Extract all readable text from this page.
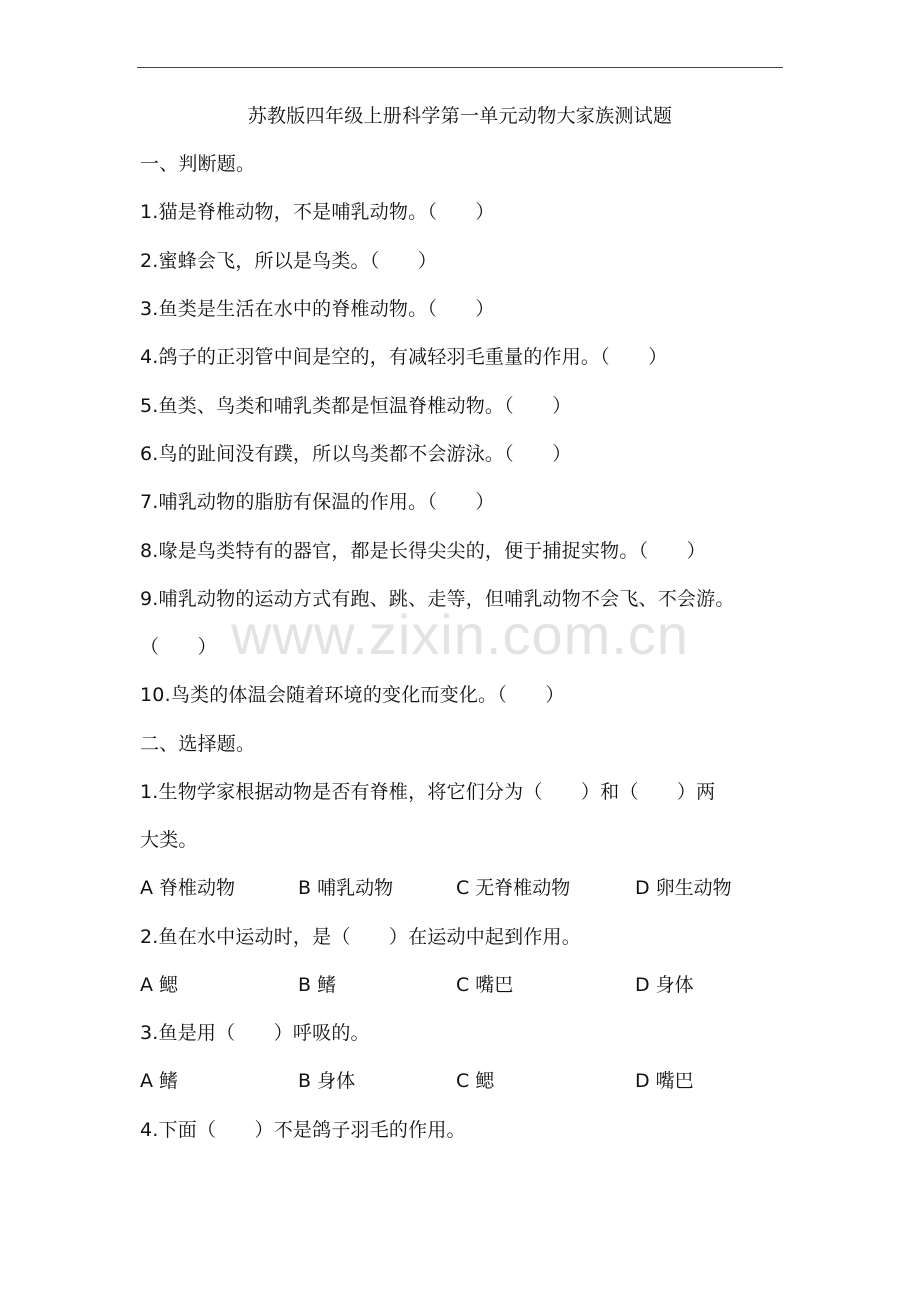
www.zixin.com.cn
苏教版四年级上册科学第一单元动物大家族测试题
一、判断题。
1.猫是脊椎动物，不是哺乳动物。（　　）
2.蜜蜂会飞，所以是鸟类。（　　）
3.鱼类是生活在水中的脊椎动物。（　　）
4.鸽子的正羽管中间是空的，有减轻羽毛重量的作用。（　　）
5.鱼类、鸟类和哺乳类都是恒温脊椎动物。（　　）
6.鸟的趾间没有蹼，所以鸟类都不会游泳。（　　）
7.哺乳动物的脂肪有保温的作用。（　　）
8.喙是鸟类特有的器官，都是长得尖尖的，便于捕捉实物。（　　）
9.哺乳动物的运动方式有跑、跳、走等，但哺乳动物不会飞、不会游。
（　　）
10.鸟类的体温会随着环境的变化而变化。（　　）
二、选择题。
1.生物学家根据动物是否有脊椎，将它们分为（　　）和（　　）两
大类。
A 脊椎动物	B 哺乳动物	C 无脊椎动物	D 卵生动物
2.鱼在水中运动时，是（　　）在运动中起到作用。
A 鳃	B 鳍	C 嘴巴	D 身体
3.鱼是用（　　）呼吸的。
A 鳍	B 身体	C 鳃	D 嘴巴
4.下面（　　）不是鸽子羽毛的作用。
